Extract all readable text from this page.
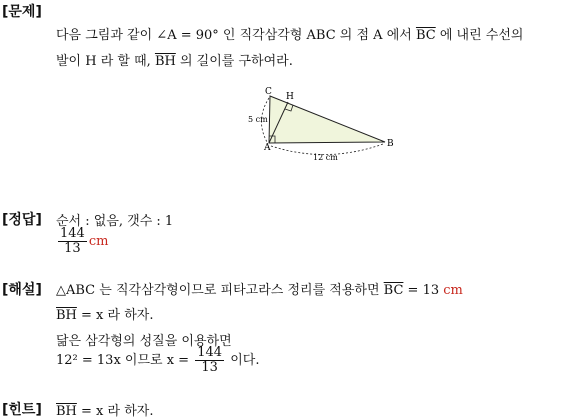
[문제]
다음 그림과 같이 ∠A = 90° 인 직각삼각형 ABC 의 점 A 에서 $\overline{BC}$ 에 내린 수선의
발이 H 라 할 때, $\overline{BH}$ 의 길이를 구하여라.
C H
A	B
5 cm
12 cm
[정답] 순서 : 없음, 갯수 : 1
$\frac{144}{13}$ cm
[해설] △ABC 는 직각삼각형이므로 피타고라스 정리를 적용하면 $\overline{BC} = 13$ cm
$\overline{BH} = x$ 라 하자.
닮은 삼각형의 성질을 이용하면
12² = 13x 이므로 $x = \frac{144}{13}$ 이다.
[힌트] $\overline{BH} = x$ 라 하자.
